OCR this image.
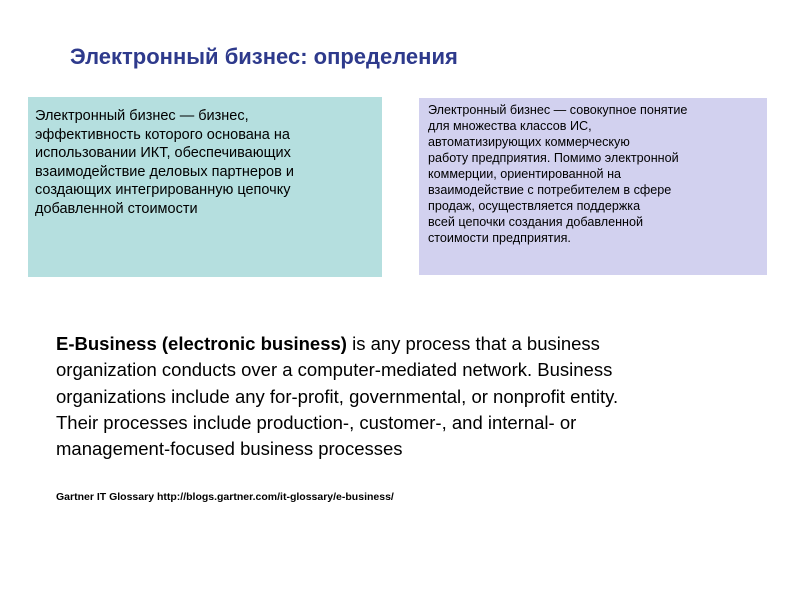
Электронный бизнес: определения

Электронный бизнес — бизнес,
эффективность которого основана на
использовании ИКТ, обеспечивающих
взаимодействие деловых партнеров и
создающих интегрированную цепочку
добавленной стоимости

Электронный бизнес — совокупное понятие
для множества классов ИС,
автоматизирующих коммерческую
работу предприятия. Помимо электронной
коммерции, ориентированной на
взаимодействие с потребителем в сфере
продаж, осуществляется поддержка
всей цепочки создания добавленной
стоимости предприятия.

E-Business (electronic business) is any process that a business
organization conducts over a computer-mediated network. Business
organizations include any for-profit, governmental, or nonprofit entity.
Their processes include production-, customer-, and internal- or
management-focused business processes

Gartner IT Glossary http://blogs.gartner.com/it-glossary/e-business/
